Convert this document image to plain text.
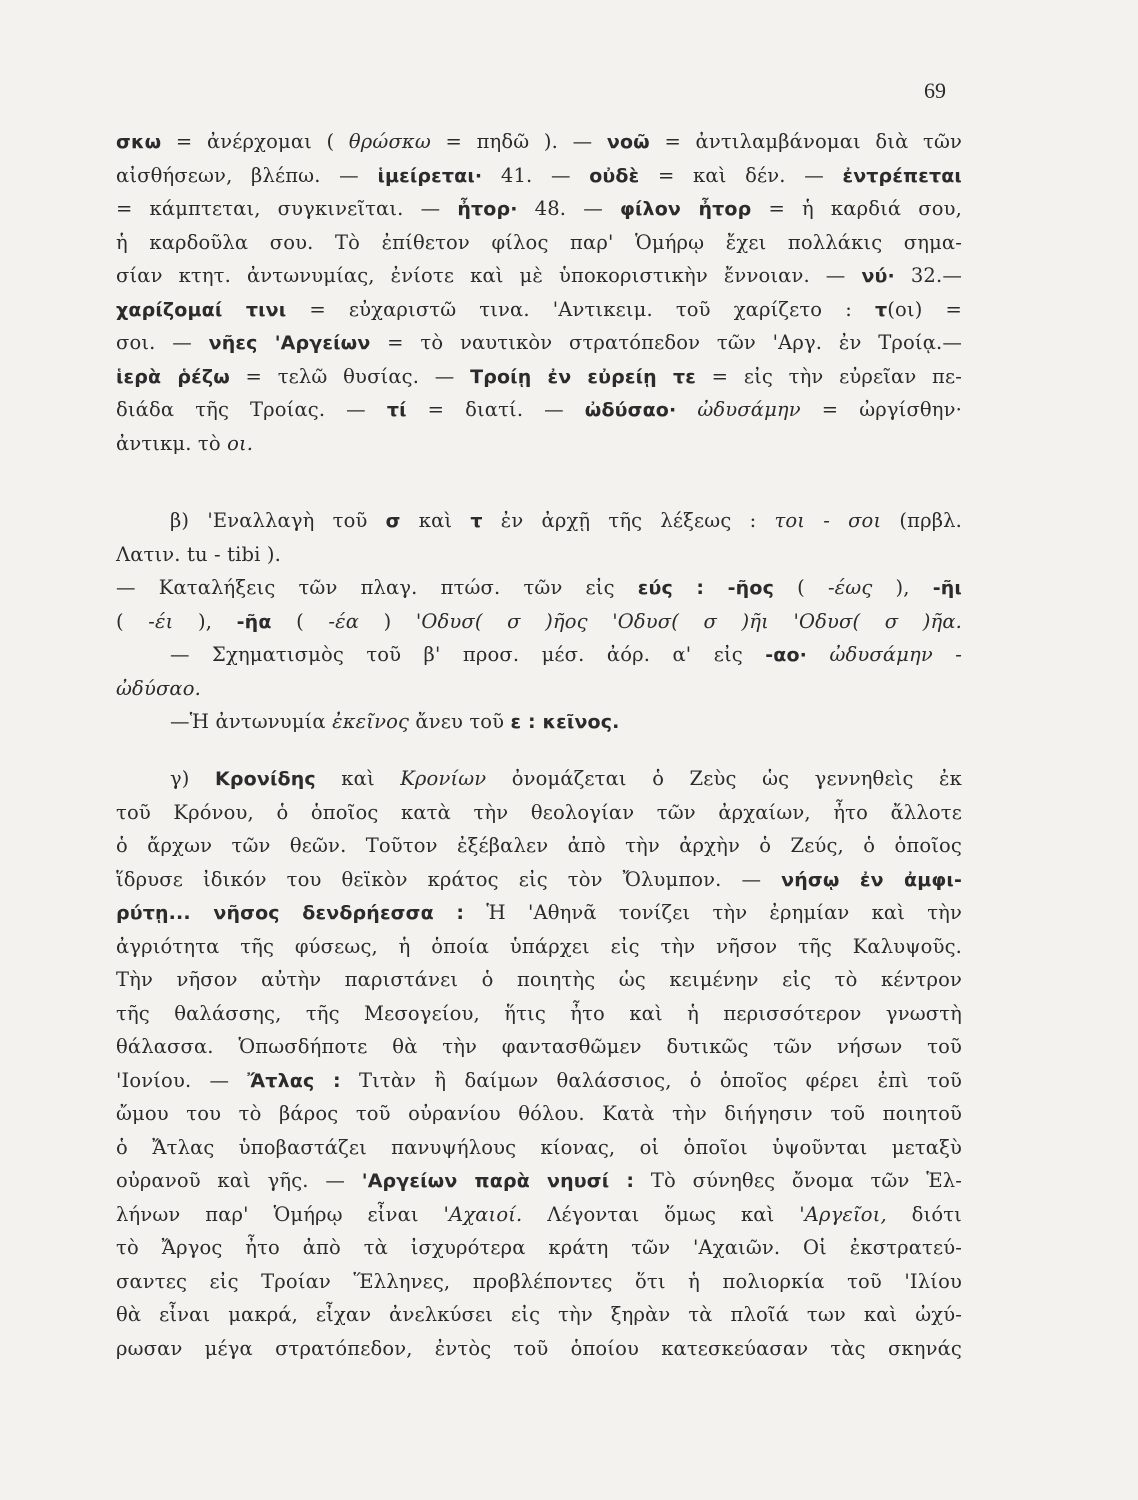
69
σκω = ἀνέρχομαι ( θρώσκω = πηδῶ ). — νοῶ = ἀντιλαμβάνομαι διὰ τῶν
αἰσθήσεων, βλέπω. — ἱμείρεται· 41. — οὐδὲ = καὶ δέν. — ἐντρέπεται
= κάμπτεται, συγκινεῖται. — ἦτορ· 48. — φίλον ἦτορ = ἡ καρδιά σου,
ἡ καρδοῦλα σου. Τὸ ἐπίθετον φίλος παρ' Ὁμήρῳ ἔχει πολλάκις σημα-
σίαν κτητ. ἀντωνυμίας, ἐνίοτε καὶ μὲ ὑποκοριστικὴν ἔννοιαν. — νύ· 32.—
χαρίζομαί τινι = εὐχαριστῶ τινα. 'Αντικειμ. τοῦ χαρίζετο : τ(οι) =
σοι. — νῆες 'Αργείων = τὸ ναυτικὸν στρατόπεδον τῶν 'Αργ. ἐν Τροίᾳ.—
ἱερὰ ῥέζω = τελῶ θυσίας. — Τροίῃ ἐν εὐρείῃ τε = εἰς τὴν εὐρεῖαν πε-
διάδα τῆς Τροίας. — τί = διατί. — ὠδύσαο· ὠδυσάμην = ὠργίσθην·
ἀντικμ. τὸ οι.
β) 'Εναλλαγὴ τοῦ σ καὶ τ ἐν ἀρχῇ τῆς λέξεως : τοι - σοι (πρβλ.
Λατιν. tu - tibi ).
— Καταλήξεις τῶν πλαγ. πτώσ. τῶν εἰς εύς : -ῆος ( -έως ), -ῆι
( -έι ), -ῆα ( -έα ) 'Οδυσ( σ )ῆος 'Οδυσ( σ )ῆι 'Οδυσ( σ )ῆα.
— Σχηματισμὸς τοῦ β' προσ. μέσ. ἀόρ. α' εἰς -αο· ὠδυσάμην -
ὠδύσαο.
—Ἡ ἀντωνυμία ἐκεῖνος ἄνευ τοῦ ε : κεῖνος.
γ) Κρονίδης καὶ Κρονίων ὀνομάζεται ὁ Ζεὺς ὡς γεννηθεὶς ἐκ
τοῦ Κρόνου, ὁ ὁποῖος κατὰ τὴν θεολογίαν τῶν ἀρχαίων, ἦτο ἄλλοτε
ὁ ἄρχων τῶν θεῶν. Τοῦτον ἐξέβαλεν ἀπὸ τὴν ἀρχὴν ὁ Ζεύς, ὁ ὁποῖος
ἵδρυσε ἰδικόν του θεϊκὸν κράτος εἰς τὸν Ὄλυμπον. — νήσῳ ἐν ἀμφι-
ρύτῃ... νῆσος δενδρήεσσα : Ἡ 'Αθηνᾶ τονίζει τὴν ἐρημίαν καὶ τὴν
ἀγριότητα τῆς φύσεως, ἡ ὁποία ὑπάρχει εἰς τὴν νῆσον τῆς Καλυψοῦς.
Τὴν νῆσον αὐτὴν παριστάνει ὁ ποιητὴς ὡς κειμένην εἰς τὸ κέντρον
τῆς θαλάσσης, τῆς Μεσογείου, ἥτις ἦτο καὶ ἡ περισσότερον γνωστὴ
θάλασσα. Ὁπωσδήποτε θὰ τὴν φαντασθῶμεν δυτικῶς τῶν νήσων τοῦ
'Ιονίου. — Ἄτλας : Τιτὰν ἢ δαίμων θαλάσσιος, ὁ ὁποῖος φέρει ἐπὶ τοῦ
ὤμου του τὸ βάρος τοῦ οὐρανίου θόλου. Κατὰ τὴν διήγησιν τοῦ ποιητοῦ
ὁ Ἄτλας ὑποβαστάζει πανυψήλους κίονας, οἱ ὁποῖοι ὑψοῦνται μεταξὺ
οὐρανοῦ καὶ γῆς. — 'Αργείων παρὰ νηυσί : Τὸ σύνηθες ὄνομα τῶν Ἑλ-
λήνων παρ' Ὁμήρῳ εἶναι 'Αχαιοί. Λέγονται ὅμως καὶ 'Αργεῖοι, διότι
τὸ Ἄργος ἦτο ἀπὸ τὰ ἰσχυρότερα κράτη τῶν 'Αχαιῶν. Οἱ ἐκστρατεύ-
σαντες εἰς Τροίαν Ἕλληνες, προβλέποντες ὅτι ἡ πολιορκία τοῦ 'Ιλίου
θὰ εἶναι μακρά, εἶχαν ἀνελκύσει εἰς τὴν ξηρὰν τὰ πλοῖά των καὶ ὠχύ-
ρωσαν μέγα στρατόπεδον, ἐντὸς τοῦ ὁποίου κατεσκεύασαν τὰς σκηνάς
